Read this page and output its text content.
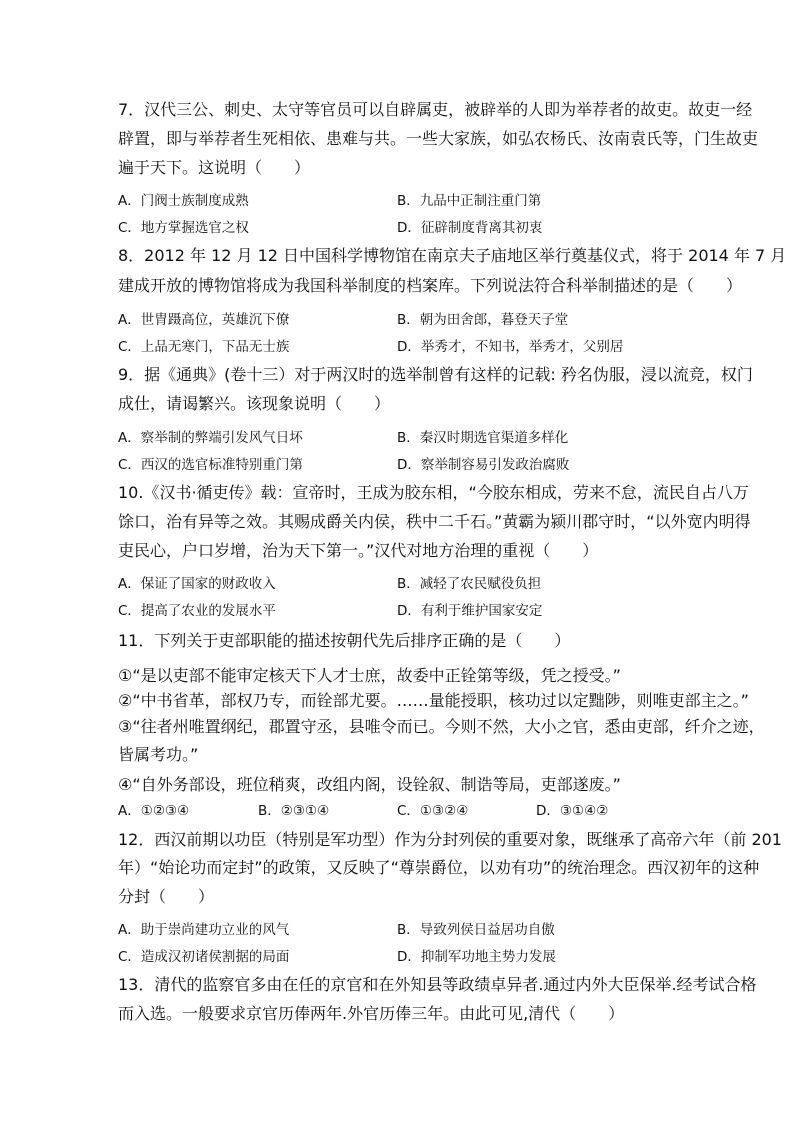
7．汉代三公、刺史、太守等官员可以自辟属吏，被辟举的人即为举荐者的故吏。故吏一经
辟置，即与举荐者生死相依、患难与共。一些大家族，如弘农杨氏、汝南袁氏等，门生故吏
遍于天下。这说明（　　）
A．门阀士族制度成熟	B．九品中正制注重门第
C．地方掌握选官之权	D．征辟制度背离其初衷
8．2012 年 12 月 12 日中国科学博物馆在南京夫子庙地区举行奠基仪式，将于 2014 年 7 月
建成开放的博物馆将成为我国科举制度的档案库。下列说法符合科举制描述的是（　　）
A．世胄蹑高位，英雄沉下僚	B．朝为田舍郎，暮登天子堂
C．上品无寒门，下品无士族	D．举秀才，不知书，举秀才，父别居
9．据《通典》(卷十三）对于两汉时的选举制曾有这样的记载: 矜名伪服，浸以流竞，权门
成仕，请谒繁兴。该现象说明（　　）
A．察举制的弊端引发风气日坏	B．秦汉时期选官渠道多样化
C．西汉的选官标准特别重门第	D．察举制容易引发政治腐败
10.《汉书·循吏传》载：宣帝时，王成为胶东相，“今胶东相成，劳来不怠，流民自占八万
馀口，治有异等之效。其赐成爵关内侯，秩中二千石。”黄霸为颍川郡守时，“以外宽内明得
吏民心，户口岁增，治为天下第一。”汉代对地方治理的重视（　　）
A．保证了国家的财政收入	B．减轻了农民赋役负担
C．提高了农业的发展水平	D．有利于维护国家安定
11．下列关于吏部职能的描述按朝代先后排序正确的是（　　）
①“是以吏部不能审定核天下人才士庶，故委中正铨第等级，凭之授受。”
②“中书省革，部权乃专，而铨部尤要。……量能授职，核功过以定黜陟，则唯吏部主之。”
③“往者州唯置纲纪，郡置守丞，县唯令而已。今则不然，大小之官，悉由吏部，纤介之迹，
皆属考功。”
④“自外务部设，班位稍爽，改组内阁，设铨叙、制诰等局，吏部遂废。”
A．①②③④	B．②③①④	C．①③②④	D．③①④②
12．西汉前期以功臣（特别是军功型）作为分封列侯的重要对象，既继承了高帝六年（前 201
年）“始论功而定封”的政策，又反映了“尊崇爵位，以劝有功”的统治理念。西汉初年的这种
分封（　　）
A．助于崇尚建功立业的风气	B．导致列侯日益居功自傲
C．造成汉初诸侯割据的局面	D．抑制军功地主势力发展
13．清代的监察官多由在任的京官和在外知县等政绩卓异者.通过内外大臣保举.经考试合格
而入选。一般要求京官历俸两年.外官历俸三年。由此可见,清代（　　）
